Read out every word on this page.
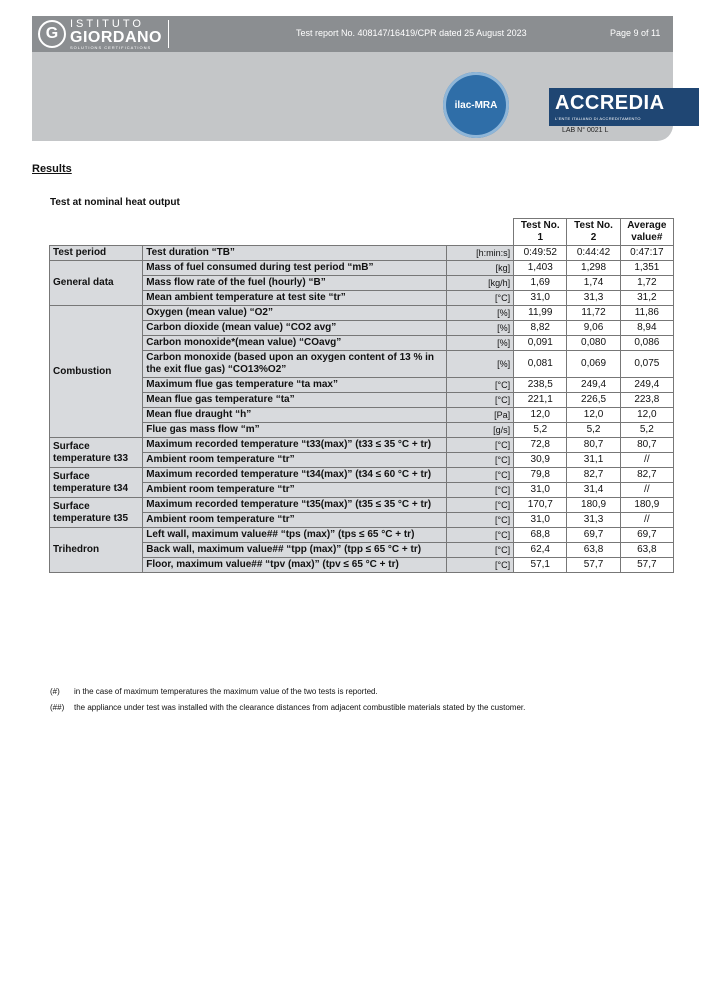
G
ISTITUTO
GIORDANO
SOLUTIONS CERTIFICATIONS
Test report No. 408147/16419/CPR dated 25 August 2023	Page 9 of 11
ilac-MRA	ACCREDIA
L'ENTE ITALIANO DI ACCREDITAMENTO
LAB N° 0021 L
Results
Test at nominal heat output
			Test No. 1	Test No. 2	Average value#
Test period	Test duration “TB”	[h:min:s]	0:49:52	0:44:42	0:47:17
General data	Mass of fuel consumed during test period “mB”	[kg]	1,403	1,298	1,351
	Mass flow rate of the fuel (hourly) “B”	[kg/h]	1,69	1,74	1,72
	Mean ambient temperature at test site “tr”	[°C]	31,0	31,3	31,2
Combustion	Oxygen (mean value) “O2”	[%]	11,99	11,72	11,86
	Carbon dioxide (mean value) “CO2 avg”	[%]	8,82	9,06	8,94
	Carbon monoxide*(mean value) “COavg”	[%]	0,091	0,080	0,086
	Carbon monoxide (based upon an oxygen content of 13 % in the exit flue gas) “CO13%O2”	[%]	0,081	0,069	0,075
	Maximum flue gas temperature “ta max”	[°C]	238,5	249,4	249,4
	Mean flue gas temperature “ta”	[°C]	221,1	226,5	223,8
	Mean flue draught “h”	[Pa]	12,0	12,0	12,0
	Flue gas mass flow “m”	[g/s]	5,2	5,2	5,2
Surface temperature t33	Maximum recorded temperature “t33(max)” (t33 ≤ 35 °C + tr)	[°C]	72,8	80,7	80,7
	Ambient room temperature “tr”	[°C]	30,9	31,1	//
Surface temperature t34	Maximum recorded temperature “t34(max)” (t34 ≤ 60 °C + tr)	[°C]	79,8	82,7	82,7
	Ambient room temperature “tr”	[°C]	31,0	31,4	//
Surface temperature t35	Maximum recorded temperature “t35(max)” (t35 ≤ 35 °C + tr)	[°C]	170,7	180,9	180,9
	Ambient room temperature “tr”	[°C]	31,0	31,3	//
Trihedron	Left wall, maximum value## “tps (max)” (tps ≤ 65 °C + tr)	[°C]	68,8	69,7	69,7
	Back wall, maximum value## “tpp (max)” (tpp ≤ 65 °C + tr)	[°C]	62,4	63,8	63,8
	Floor, maximum value## “tpv (max)” (tpv ≤ 65 °C + tr)	[°C]	57,1	57,7	57,7
(#) in the case of maximum temperatures the maximum value of the two tests is reported.
(##) the appliance under test was installed with the clearance distances from adjacent combustible materials stated by the customer.
